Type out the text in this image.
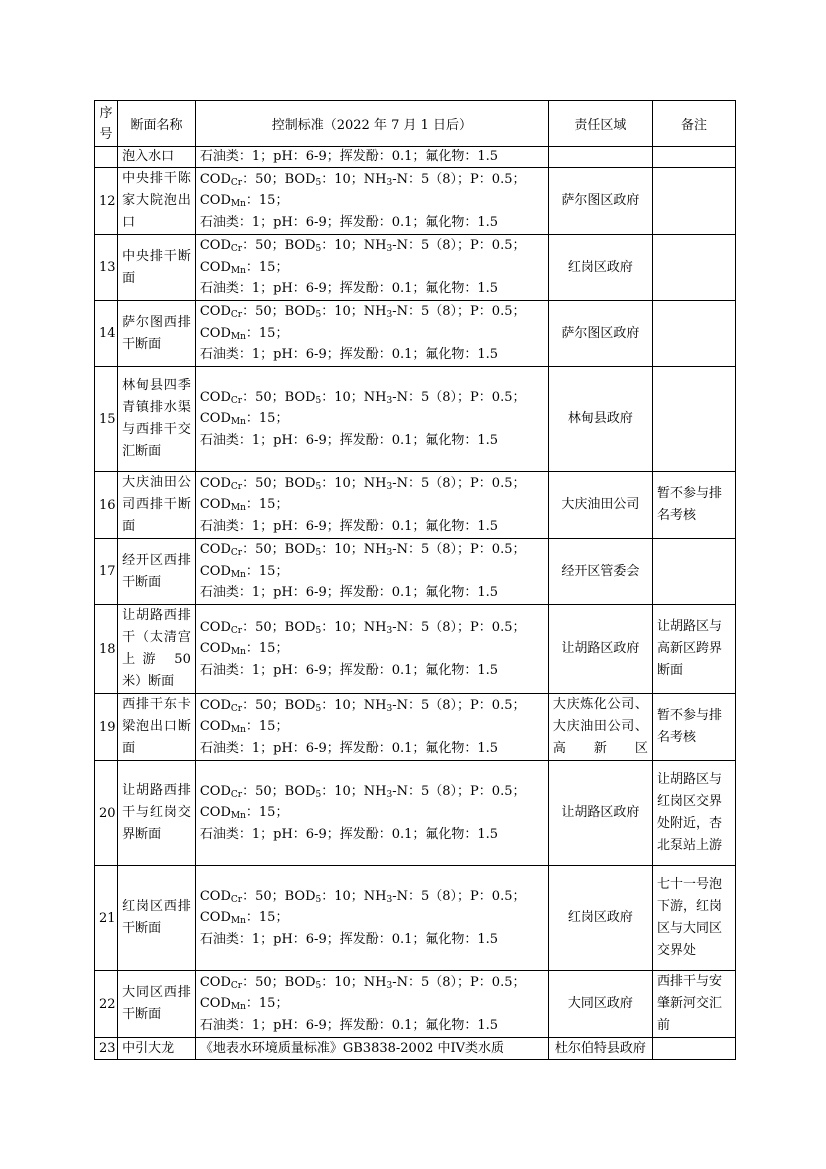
序号	断面名称	控制标准（2022 年 7 月 1 日后）	责任区域	备注
	泡入水口	石油类：1；pH：6-9；挥发酚：0.1；氟化物：1.5		
12	中央排干陈家大院泡出口	$COD_{Cr}$：50；$BOD_5$：10；$NH_3-N$：5（8）；P：0.5；
$COD_{Mn}$：15；
石油类：1；pH：6-9；挥发酚：0.1；氟化物：1.5	萨尔图区政府	
13	中央排干断面	$COD_{Cr}$：50；$BOD_5$：10；$NH_3-N$：5（8）；P：0.5；
$COD_{Mn}$：15；
石油类：1；pH：6-9；挥发酚：0.1；氟化物：1.5	红岗区政府	
14	萨尔图西排干断面	$COD_{Cr}$：50；$BOD_5$：10；$NH_3-N$：5（8）；P：0.5；
$COD_{Mn}$：15；
石油类：1；pH：6-9；挥发酚：0.1；氟化物：1.5	萨尔图区政府	
15	林甸县四季青镇排水渠与西排干交汇断面	$COD_{Cr}$：50；$BOD_5$：10；$NH_3-N$：5（8）；P：0.5；
$COD_{Mn}$：15；
石油类：1；pH：6-9；挥发酚：0.1；氟化物：1.5	林甸县政府	
16	大庆油田公司西排干断面	$COD_{Cr}$：50；$BOD_5$：10；$NH_3-N$：5（8）；P：0.5；
$COD_{Mn}$：15；
石油类：1；pH：6-9；挥发酚：0.1；氟化物：1.5	大庆油田公司	暂不参与排名考核
17	经开区西排干断面	$COD_{Cr}$：50；$BOD_5$：10；$NH_3-N$：5（8）；P：0.5；
$COD_{Mn}$：15；
石油类：1；pH：6-9；挥发酚：0.1；氟化物：1.5	经开区管委会	
18	让胡路西排干（太清宫上游 50 米）断面	$COD_{Cr}$：50；$BOD_5$：10；$NH_3-N$：5（8）；P：0.5；
$COD_{Mn}$：15；
石油类：1；pH：6-9；挥发酚：0.1；氟化物：1.5	让胡路区政府	让胡路区与高新区跨界断面
19	西排干东卡梁泡出口断面	$COD_{Cr}$：50；$BOD_5$：10；$NH_3-N$：5（8）；P：0.5；
$COD_{Mn}$：15；
石油类：1；pH：6-9；挥发酚：0.1；氟化物：1.5	大庆炼化公司、大庆油田公司、高新区	暂不参与排名考核
20	让胡路西排干与红岗交界断面	$COD_{Cr}$：50；$BOD_5$：10；$NH_3-N$：5（8）；P：0.5；
$COD_{Mn}$：15；
石油类：1；pH：6-9；挥发酚：0.1；氟化物：1.5	让胡路区政府	让胡路区与红岗区交界处附近，杏北泵站上游
21	红岗区西排干断面	$COD_{Cr}$：50；$BOD_5$：10；$NH_3-N$：5（8）；P：0.5；
$COD_{Mn}$：15；
石油类：1；pH：6-9；挥发酚：0.1；氟化物：1.5	红岗区政府	七十一号泡下游，红岗区与大同区交界处
22	大同区西排干断面	$COD_{Cr}$：50；$BOD_5$：10；$NH_3-N$：5（8）；P：0.5；
$COD_{Mn}$：15；
石油类：1；pH：6-9；挥发酚：0.1；氟化物：1.5	大同区政府	西排干与安肇新河交汇前
23	中引大龙	《地表水环境质量标准》GB3838-2002 中IV类水质	杜尔伯特县政府	
